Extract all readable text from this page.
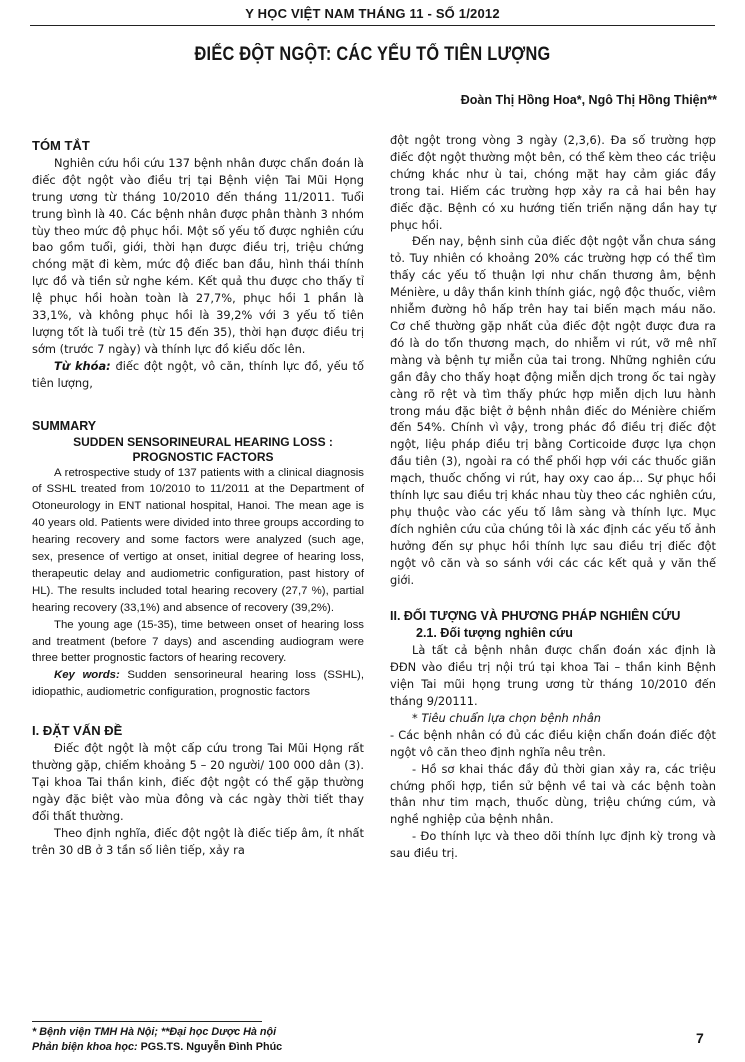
Y HỌC VIỆT NAM THÁNG 11 - SỐ 1/2012
ĐIẾC ĐỘT NGỘT: CÁC YẾU TỐ TIÊN LƯỢNG
Đoàn Thị Hồng Hoa*, Ngô Thị Hồng Thiện**

TÓM TẮT

Nghiên cứu hồi cứu 137 bệnh nhân được chẩn đoán là điếc đột ngột vào điều trị tại Bệnh viện Tai Mũi Họng trung ương từ tháng 10/2010 đến tháng 11/2011. Tuổi trung bình là 40. Các bệnh nhân được phân thành 3 nhóm tùy theo mức độ phục hồi. Một số yếu tố được nghiên cứu bao gồm tuổi, giới, thời hạn được điều trị, triệu chứng chóng mặt đi kèm, mức độ điếc ban đầu, hình thái thính lực đồ và tiền sử nghe kém. Kết quả thu được cho thấy tỉ lệ phục hồi hoàn toàn là 27,7%, phục hồi 1 phần là 33,1%, và không phục hồi là 39,2% với 3 yếu tố tiên lượng tốt là tuổi trẻ (từ 15 đến 35), thời hạn được điều trị sớm (trước 7 ngày) và thính lực đồ kiểu dốc lên.

Từ khóa: điếc đột ngột, vô căn, thính lực đồ, yếu tố tiên lượng,

SUMMARY

SUDDEN SENSORINEURAL HEARING LOSS :

PROGNOSTIC FACTORS

A retrospective study of 137 patients with a clinical diagnosis of SSHL treated from 10/2010 to 11/2011 at the Department of Otoneurology in ENT national hospital, Hanoi. The mean age is 40 years old. Patients were divided into three groups according to hearing recovery and some factors were analyzed (such age, sex, presence of vertigo at onset, initial degree of hearing loss, therapeutic delay and audiometric configuration, past history of HL). The results included total hearing recovery (27,7 %), partial hearing recovery (33,1%) and absence of recovery (39,2%).

The young age (15-35), time between onset of hearing loss and treatment (before 7 days) and ascending audiogram were three better prognostic factors of hearing recovery.

Key words: Sudden sensorineural hearing loss (SSHL), idiopathic, audiometric configuration, prognostic factors

I. ĐẶT VẤN ĐỀ

Điếc đột ngột là một cấp cứu trong Tai Mũi Họng rất thường gặp, chiếm khoảng 5 – 20 người/ 100 000 dân (3). Tại khoa Tai thần kinh, điếc đột ngột có thể gặp thường ngày đặc biệt vào mùa đông và các ngày thời tiết thay đổi thất thường.

Theo định nghĩa, điếc đột ngột là điếc tiếp âm, ít nhất trên 30 dB ở 3 tần số liên tiếp, xảy ra

đột ngột trong vòng 3 ngày (2,3,6). Đa số trường hợp điếc đột ngột thường một bên, có thể kèm theo các triệu chứng khác như ù tai, chóng mặt hay cảm giác đầy trong tai. Hiếm các trường hợp xảy ra cả hai bên hay điếc đặc. Bệnh có xu hướng tiến triển nặng dần hay tự phục hồi.

Đến nay, bệnh sinh của điếc đột ngột vẫn chưa sáng tỏ. Tuy nhiên có khoảng 20% các trường hợp có thể tìm thấy các yếu tố thuận lợi như chấn thương âm, bệnh Ménière, u dây thần kinh thính giác, ngộ độc thuốc, viêm nhiễm đường hô hấp trên hay tai biến mạch máu não. Cơ chế thường gặp nhất của điếc đột ngột được đưa ra đó là do tổn thương mạch, do nhiễm vi rút, vỡ mê nhĩ màng và bệnh tự miễn của tai trong. Những nghiên cứu gần đây cho thấy hoạt động miễn dịch trong ốc tai ngày càng rõ rệt và tìm thấy phức hợp miễn dịch lưu hành trong máu đặc biệt ở bệnh nhân điếc do Ménière chiếm đến 54%. Chính vì vậy, trong phác đồ điều trị điếc đột ngột, liệu pháp điều trị bằng Corticoide được lựa chọn đầu tiên (3), ngoài ra có thể phối hợp với các thuốc giãn mạch, thuốc chống vi rút, hay oxy cao áp... Sự phục hồi thính lực sau điều trị khác nhau tùy theo các nghiên cứu, phụ thuộc vào các yếu tố lâm sàng và thính lực. Mục đích nghiên cứu của chúng tôi là xác định các yếu tố ảnh hưởng đến sự phục hồi thính lực sau điều trị điếc đột ngột vô căn và so sánh với các các kết quả y văn thế giới.

II. ĐỐI TƯỢNG VÀ PHƯƠNG PHÁP NGHIÊN CỨU

2.1. Đối tượng nghiên cứu

Là tất cả bệnh nhân được chẩn đoán xác định là ĐĐN vào điều trị nội trú tại khoa Tai – thần kinh Bệnh viện Tai mũi họng trung ương từ tháng 10/2010 đến tháng 9/20111.

* Tiêu chuẩn lựa chọn bệnh nhân

- Các bệnh nhân có đủ các điều kiện chẩn đoán điếc đột ngột vô căn theo định nghĩa nêu trên.

- Hồ sơ khai thác đầy đủ thời gian xảy ra, các triệu chứng phối hợp, tiền sử bệnh về tai và các bệnh toàn thân như tim mạch, thuốc dùng, triệu chứng cúm, và nghề nghiệp của bệnh nhân.

- Đo thính lực và theo dõi thính lực định kỳ trong và sau điều trị.

* Bệnh viện TMH Hà Nội; **Đại học Dược Hà nội
Phản biện khoa học: PGS.TS. Nguyễn Đình Phúc
7
